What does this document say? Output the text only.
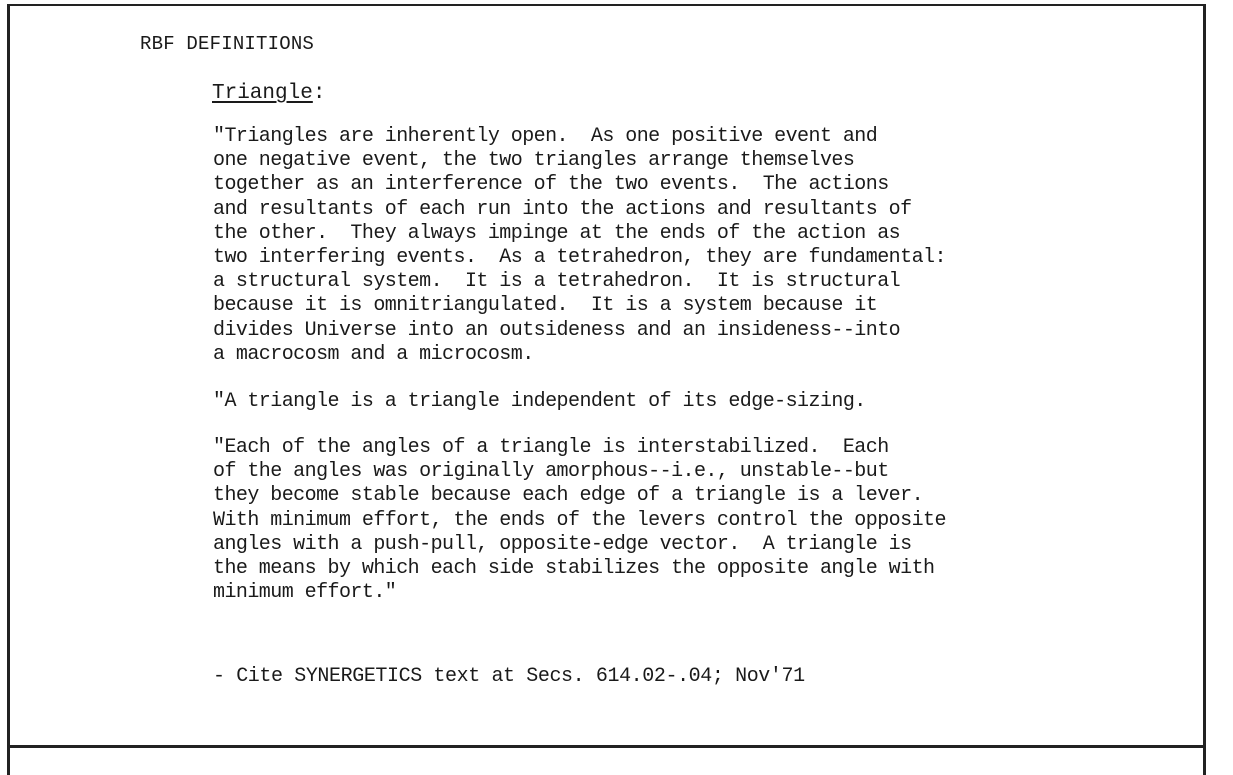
RBF DEFINITIONS
Triangle:

"Triangles are inherently open.  As one positive event and
one negative event, the two triangles arrange themselves
together as an interference of the two events.  The actions
and resultants of each run into the actions and resultants of
the other.  They always impinge at the ends of the action as
two interfering events.  As a tetrahedron, they are fundamental:
a structural system.  It is a tetrahedron.  It is structural
because it is omnitriangulated.  It is a system because it
divides Universe into an outsideness and an insideness--into
a macrocosm and a microcosm.

"A triangle is a triangle independent of its edge-sizing.

"Each of the angles of a triangle is interstabilized.  Each
of the angles was originally amorphous--i.e., unstable--but
they become stable because each edge of a triangle is a lever.
With minimum effort, the ends of the levers control the opposite
angles with a push-pull, opposite-edge vector.  A triangle is
the means by which each side stabilizes the opposite angle with
minimum effort."

- Cite SYNERGETICS text at Secs. 614.02-.04; Nov'71
